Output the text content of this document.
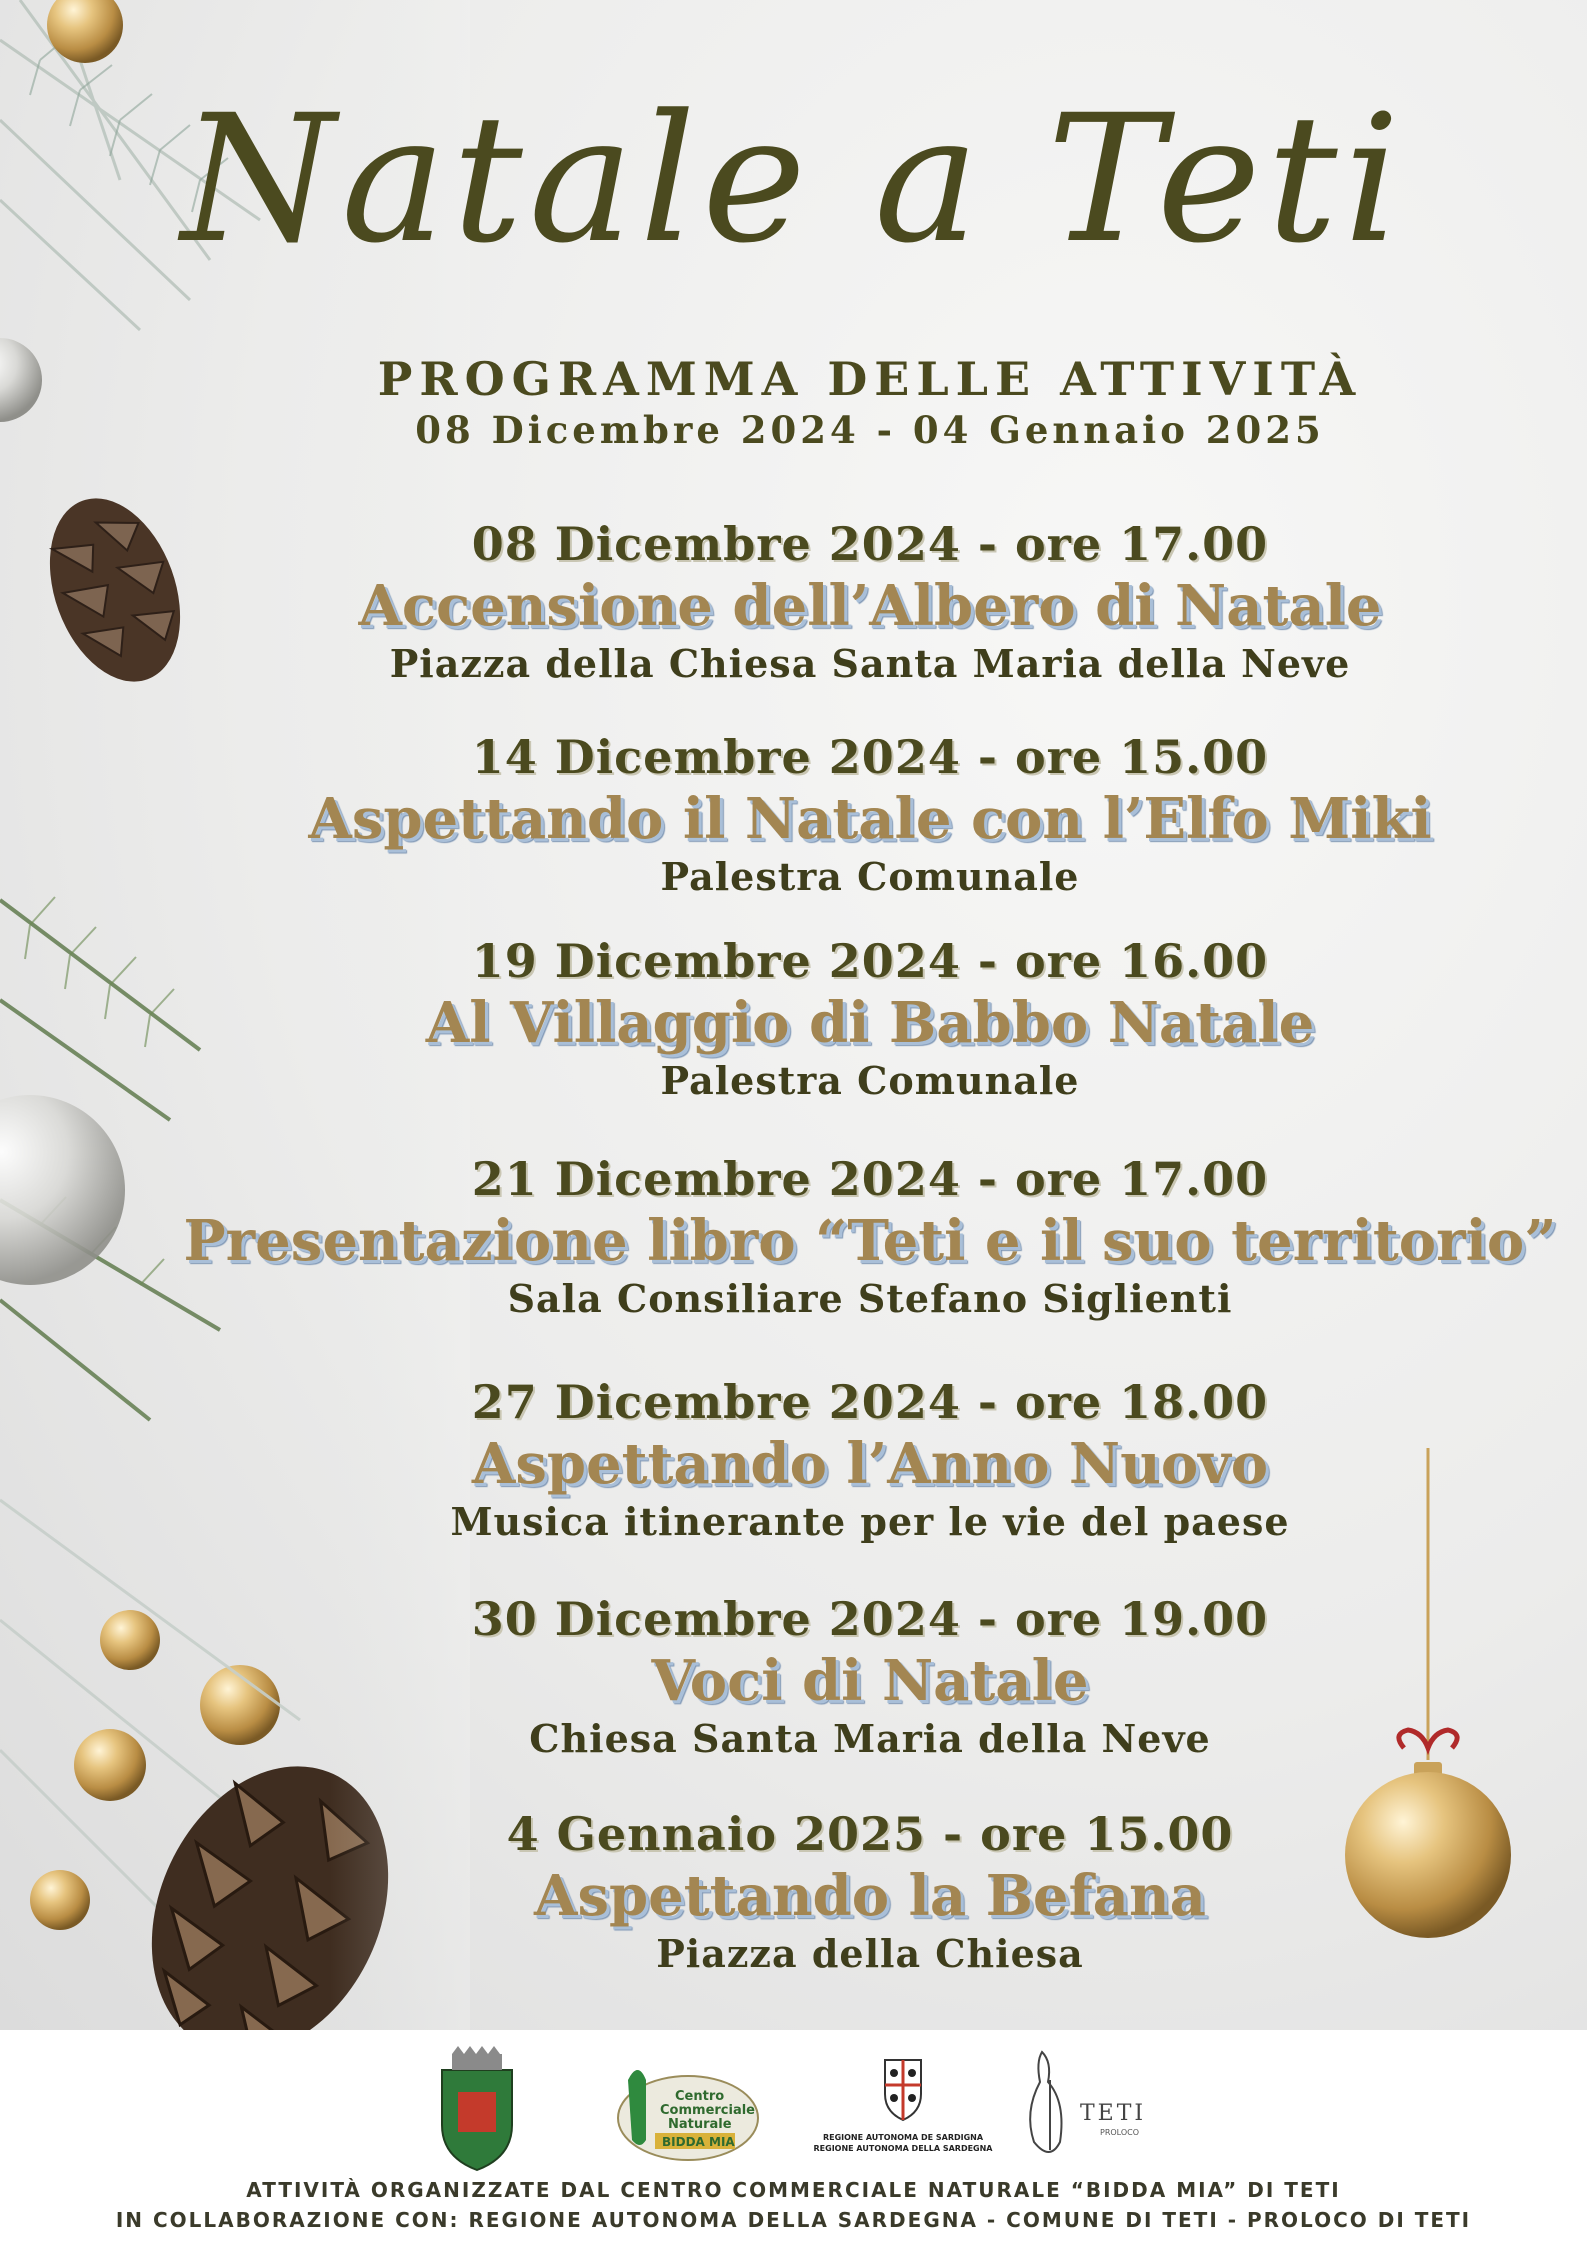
Natale a Teti
PROGRAMMA DELLE ATTIVITÀ
08 Dicembre 2024 - 04 Gennaio 2025
08 Dicembre 2024 - ore 17.00
Accensione dell’Albero di Natale
Piazza della Chiesa Santa Maria della Neve
14 Dicembre 2024 - ore 15.00
Aspettando il Natale con l’Elfo Miki
Palestra Comunale
19 Dicembre 2024 - ore 16.00
Al Villaggio di Babbo Natale
Palestra Comunale
21 Dicembre 2024 - ore 17.00
Presentazione libro “Teti e il suo territorio”
Sala Consiliare Stefano Siglienti
27 Dicembre 2024 - ore 18.00
Aspettando l’Anno Nuovo
Musica itinerante per le vie del paese
30 Dicembre 2024 - ore 19.00
Voci di Natale
Chiesa Santa Maria della Neve
4 Gennaio 2025 - ore 15.00
Aspettando la Befana
Piazza della Chiesa
Centro
Commerciale
Naturale
BIDDA MIA	REGIONE AUTONOMA DE SARDIGNA
REGIONE AUTONOMA DELLA SARDEGNA
TETI
PROLOCO
ATTIVITÀ ORGANIZZATE DAL CENTRO COMMERCIALE NATURALE “BIDDA MIA” DI TETI
IN COLLABORAZIONE CON: REGIONE AUTONOMA DELLA SARDEGNA - COMUNE DI TETI - PROLOCO DI TETI
